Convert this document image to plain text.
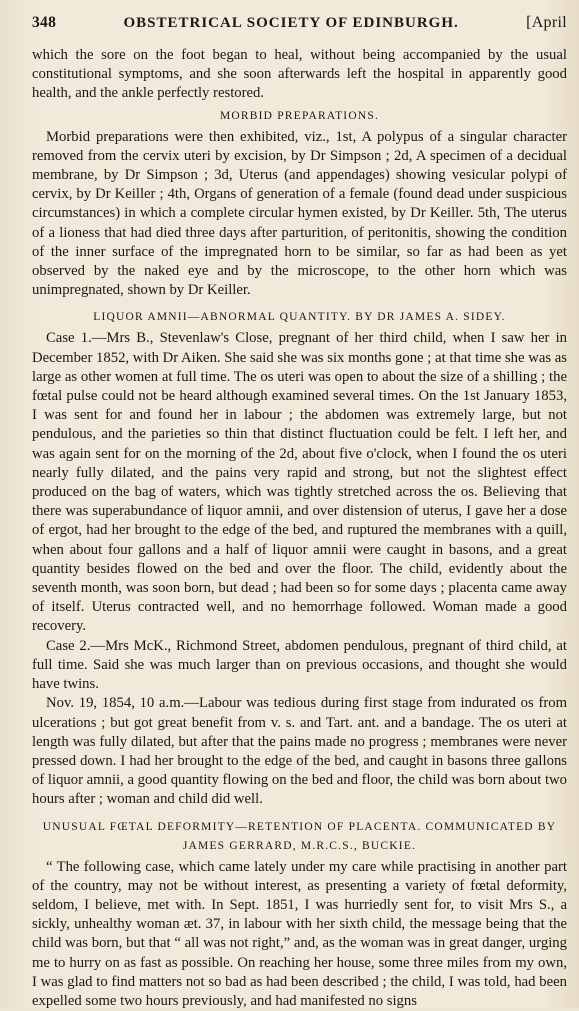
348	OBSTETRICAL SOCIETY OF EDINBURGH.	[April

which the sore on the foot began to heal, without being accompanied by the usual constitutional symptoms, and she soon afterwards left the hospital in apparently good health, and the ankle perfectly restored.

MORBID PREPARATIONS.

Morbid preparations were then exhibited, viz., 1st, A polypus of a singular character removed from the cervix uteri by excision, by Dr Simpson ; 2d, A specimen of a decidual membrane, by Dr Simpson ; 3d, Uterus (and appendages) showing vesicular polypi of cervix, by Dr Keiller ; 4th, Organs of generation of a female (found dead under suspicious circumstances) in which a complete circular hymen existed, by Dr Keiller. 5th, The uterus of a lioness that had died three days after parturition, of peritonitis, showing the condition of the inner surface of the impregnated horn to be similar, so far as had been as yet observed by the naked eye and by the microscope, to the other horn which was unimpregnated, shown by Dr Keiller.

LIQUOR AMNII—ABNORMAL QUANTITY. BY DR JAMES A. SIDEY.

Case 1.—Mrs B., Stevenlaw's Close, pregnant of her third child, when I saw her in December 1852, with Dr Aiken. She said she was six months gone ; at that time she was as large as other women at full time. The os uteri was open to about the size of a shilling ; the fœtal pulse could not be heard although examined several times. On the 1st January 1853, I was sent for and found her in labour ; the abdomen was extremely large, but not pendulous, and the parieties so thin that distinct fluctuation could be felt. I left her, and was again sent for on the morning of the 2d, about five o'clock, when I found the os uteri nearly fully dilated, and the pains very rapid and strong, but not the slightest effect produced on the bag of waters, which was tightly stretched across the os. Believing that there was superabundance of liquor amnii, and over distension of uterus, I gave her a dose of ergot, had her brought to the edge of the bed, and ruptured the membranes with a quill, when about four gallons and a half of liquor amnii were caught in basons, and a great quantity besides flowed on the bed and over the floor. The child, evidently about the seventh month, was soon born, but dead ; had been so for some days ; placenta came away of itself. Uterus contracted well, and no hemorrhage followed. Woman made a good recovery.

Case 2.—Mrs McK., Richmond Street, abdomen pendulous, pregnant of third child, at full time. Said she was much larger than on previous occasions, and thought she would have twins.

Nov. 19, 1854, 10 a.m.—Labour was tedious during first stage from indurated os from ulcerations ; but got great benefit from v. s. and Tart. ant. and a bandage. The os uteri at length was fully dilated, but after that the pains made no progress ; membranes were never pressed down. I had her brought to the edge of the bed, and caught in basons three gallons of liquor amnii, a good quantity flowing on the bed and floor, the child was born about two hours after ; woman and child did well.

UNUSUAL FŒTAL DEFORMITY—RETENTION OF PLACENTA. COMMUNICATED BY
JAMES GERRARD, M.R.C.S., BUCKIE.

“ The following case, which came lately under my care while practising in another part of the country, may not be without interest, as presenting a variety of fœtal deformity, seldom, I believe, met with. In Sept. 1851, I was hurriedly sent for, to visit Mrs S., a sickly, unhealthy woman æt. 37, in labour with her sixth child, the message being that the child was born, but that “ all was not right,” and, as the woman was in great danger, urging me to hurry on as fast as possible. On reaching her house, some three miles from my own, I was glad to find matters not so bad as had been described ; the child, I was told, had been expelled some two hours previously, and had manifested no signs
